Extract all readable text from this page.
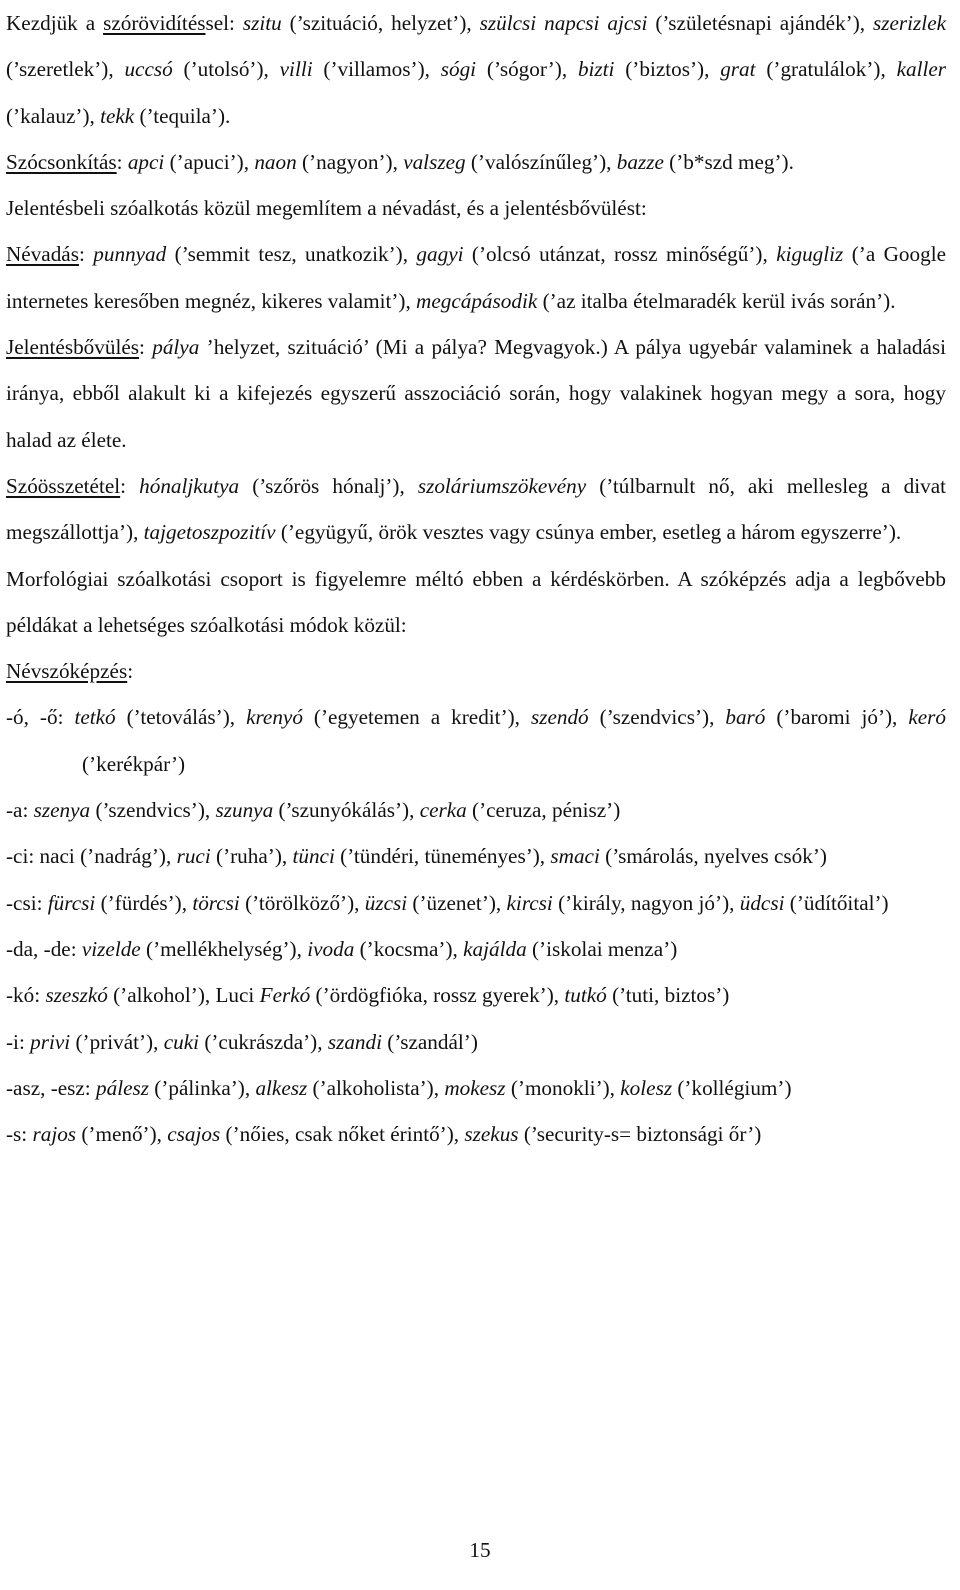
Kezdjük a szórövidítéssel: szitu (’szituáció, helyzet’), szülcsi napcsi ajcsi (’születésnapi ajándék’), szerizlek (’szeretlek’), uccsó (’utolsó’), villi (’villamos’), sógi (’sógor’), bizti (’biztos’), grat (’gratulálok’), kaller (’kalauz’), tekk (’tequila’).

Szócsonkítás: apci (’apuci’), naon (’nagyon’), valszeg (’valószínűleg’), bazze (’b*szd meg’).

Jelentésbeli szóalkotás közül megemlítem a névadást, és a jelentésbővülést:

Névadás: punnyad (’semmit tesz, unatkozik’), gagyi (’olcsó utánzat, rossz minőségű’), kigugliz (’a Google internetes keresőben megnéz, kikeres valamit’), megcápásodik (’az italba ételmaradék kerül ivás során’).

Jelentésbővülés: pálya ’helyzet, szituáció’ (Mi a pálya? Megvagyok.) A pálya ugyebár valaminek a haladási iránya, ebből alakult ki a kifejezés egyszerű asszociáció során, hogy valakinek hogyan megy a sora, hogy halad az élete.

Szóösszetétel: hónaljkutya (’szőrös hónalj’), szoláriumszökevény (’túlbarnult nő, aki mellesleg a divat megszállottja’), tajgetoszpozitív (’együgyű, örök vesztes vagy csúnya ember, esetleg a három egyszerre’).

Morfológiai szóalkotási csoport is figyelemre méltó ebben a kérdéskörben. A szóképzés adja a legbővebb példákat a lehetséges szóalkotási módok közül:

Névszóképzés:

-ó, -ő: tetkó (’tetoválás’), krenyó (’egyetemen a kredit’), szendó (’szendvics’), baró (’baromi jó’), keró (’kerékpár’)

-a: szenya (’szendvics’), szunya (’szunyókálás’), cerka (’ceruza, pénisz’)

-ci: naci (’nadrág’), ruci (’ruha’), tünci (’tündéri, tüneményes’), smaci (’smárolás, nyelves csók’)

-csi: fürcsi (’fürdés’), törcsi (’törölköző’), üzcsi (’üzenet’), kircsi (’király, nagyon jó’), üdcsi (’üdítőital’)

-da, -de: vizelde (’mellékhelység’), ivoda (’kocsma’), kajálda (’iskolai menza’)

-kó: szeszkó (’alkohol’), Luci Ferkó (’ördögfióka, rossz gyerek’), tutkó (’tuti, biztos’)

-i: privi (’privát’), cuki (’cukrászda’), szandi (’szandál’)

-asz, -esz: pálesz (’pálinka’), alkesz (’alkoholista’), mokesz (’monokli’), kolesz (’kollégium’)

-s: rajos (’menő’), csajos (’nőies, csak nőket érintő’), szekus (’security-s= biztonsági őr’)

15
